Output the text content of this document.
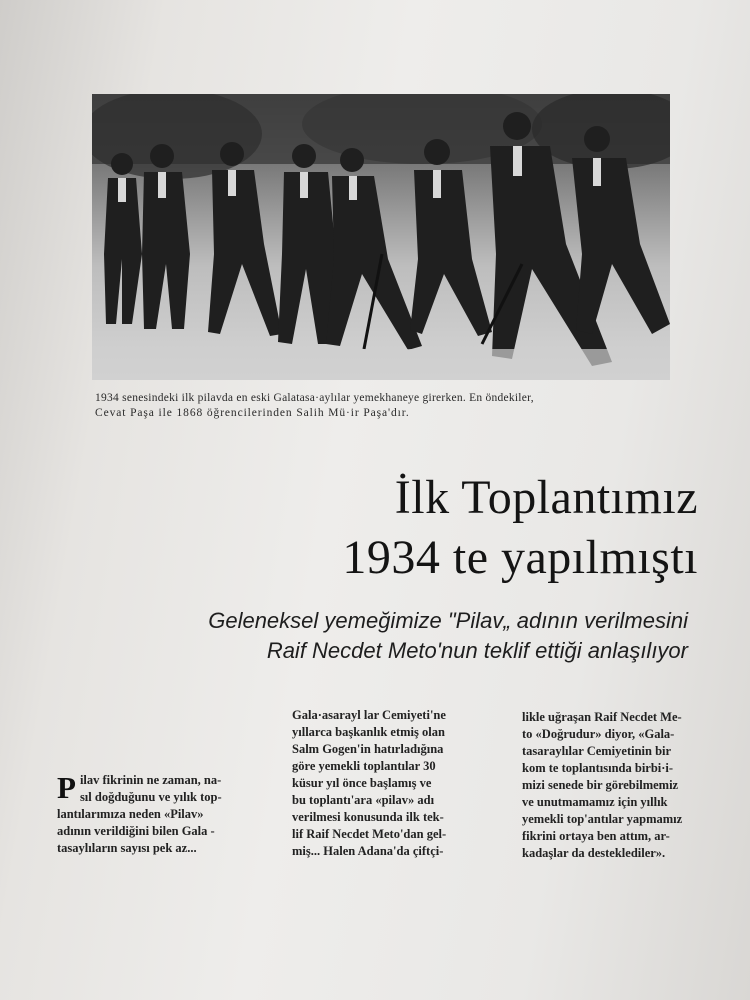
1934 senesindeki ilk pilavda en eski Galatasa·aylılar yemekhaneye girerken. En öndekiler,
Cevat Paşa ile 1868 öğrencilerinden Salih Mü·ir Paşa'dır.
İlk Toplantımız
1934 te yapılmıştı
Geleneksel yemeğimize "Pilav„ adının verilmesini
Raif Necdet Meto'nun teklif ettiği anlaşılıyor
P ilav fikrinin ne zaman, na-
sıl doğduğunu ve yılık top-
lantılarımıza neden «Pilav»
adının verildiğini bilen Gala -
tasaylıların sayısı pek az...
Gala·asarayl lar Cemiyeti'ne
yıllarca başkanlık etmiş olan
Salm Gogen'in hatırladığına
göre yemekli toplantılar 30
küsur yıl önce başlamış ve
bu toplantı'ara «pilav» adı
verilmesi konusunda ilk tek-
lif Raif Necdet Meto'dan gel-
miş... Halen Adana'da çiftçi-
likle uğraşan Raif Necdet Me-
to «Doğrudur» diyor, «Gala-
tasaraylılar Cemiyetinin bir
kom te toplantısında birbi·i-
mizi senede bir görebilmemiz
ve unutmamamız için yıllık
yemekli top'antılar yapmamız
fikrini ortaya ben attım, ar-
kadaşlar da desteklediler».
